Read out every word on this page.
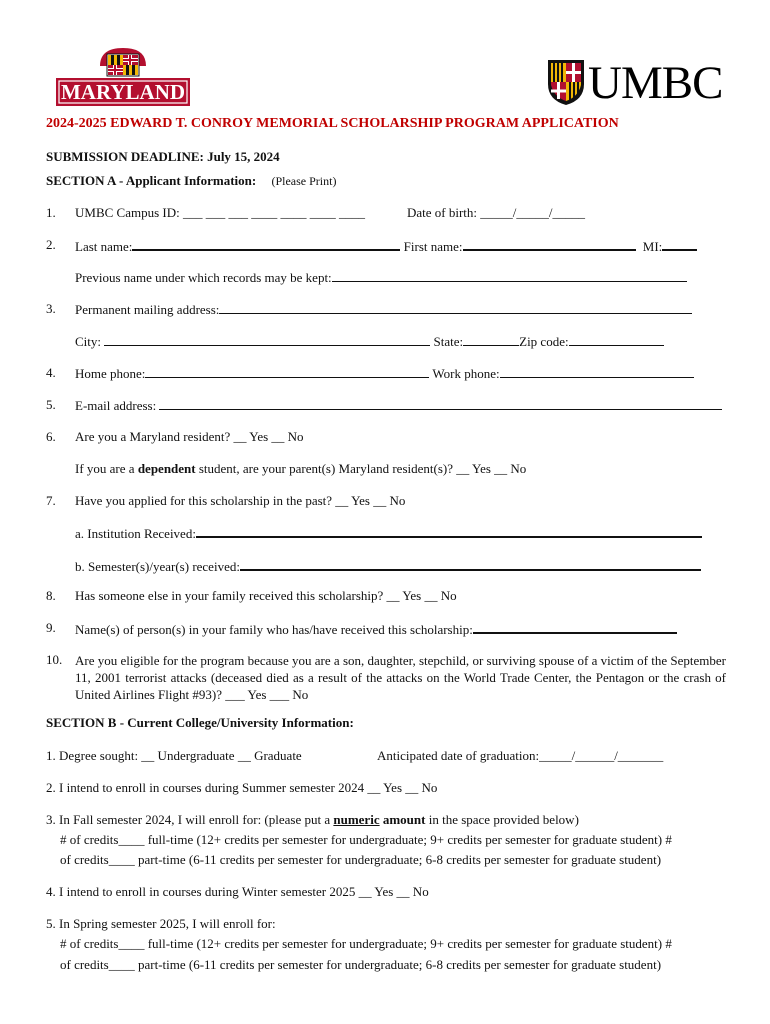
MARYLAND	UMBC
2024-2025 EDWARD T. CONROY MEMORIAL SCHOLARSHIP PROGRAM APPLICATION
SUBMISSION DEADLINE: July 15, 2024
SECTION A - Applicant Information: (Please Print)
1. UMBC Campus ID: ___ ___ ___ ____ ____ ____ ____	Date of birth: _____/_____/_____
2. Last name:	First name:	MI:
Previous name under which records may be kept:
3. Permanent mailing address:
City:	State:	Zip code:
4. Home phone:	Work phone:
5. E-mail address:
6. Are you a Maryland resident? __ Yes __ No
If you are a dependent student, are your parent(s) Maryland resident(s)? __ Yes __ No
7. Have you applied for this scholarship in the past? __ Yes __ No
a. Institution Received:
b. Semester(s)/year(s) received:
8. Has someone else in your family received this scholarship? __ Yes __ No
9. Name(s) of person(s) in your family who has/have received this scholarship:
10. Are you eligible for the program because you are a son, daughter, stepchild, or surviving spouse of a victim of the September 11, 2001 terrorist attacks (deceased died as a result of the attacks on the World Trade Center, the Pentagon or the crash of United Airlines Flight #93)? ___ Yes ___ No
SECTION B - Current College/University Information:
1. Degree sought: __ Undergraduate __ Graduate	Anticipated date of graduation:_____/______/_______
2. I intend to enroll in courses during Summer semester 2024 __ Yes __ No
3. In Fall semester 2024, I will enroll for: (please put a numeric amount in the space provided below)
# of credits____ full-time (12+ credits per semester for undergraduate; 9+ credits per semester for graduate student) #
of credits____ part-time (6-11 credits per semester for undergraduate; 6-8 credits per semester for graduate student)
4. I intend to enroll in courses during Winter semester 2025 __ Yes __ No
5. In Spring semester 2025, I will enroll for:
# of credits____ full-time (12+ credits per semester for undergraduate; 9+ credits per semester for graduate student) #
of credits____ part-time (6-11 credits per semester for undergraduate; 6-8 credits per semester for graduate student)
